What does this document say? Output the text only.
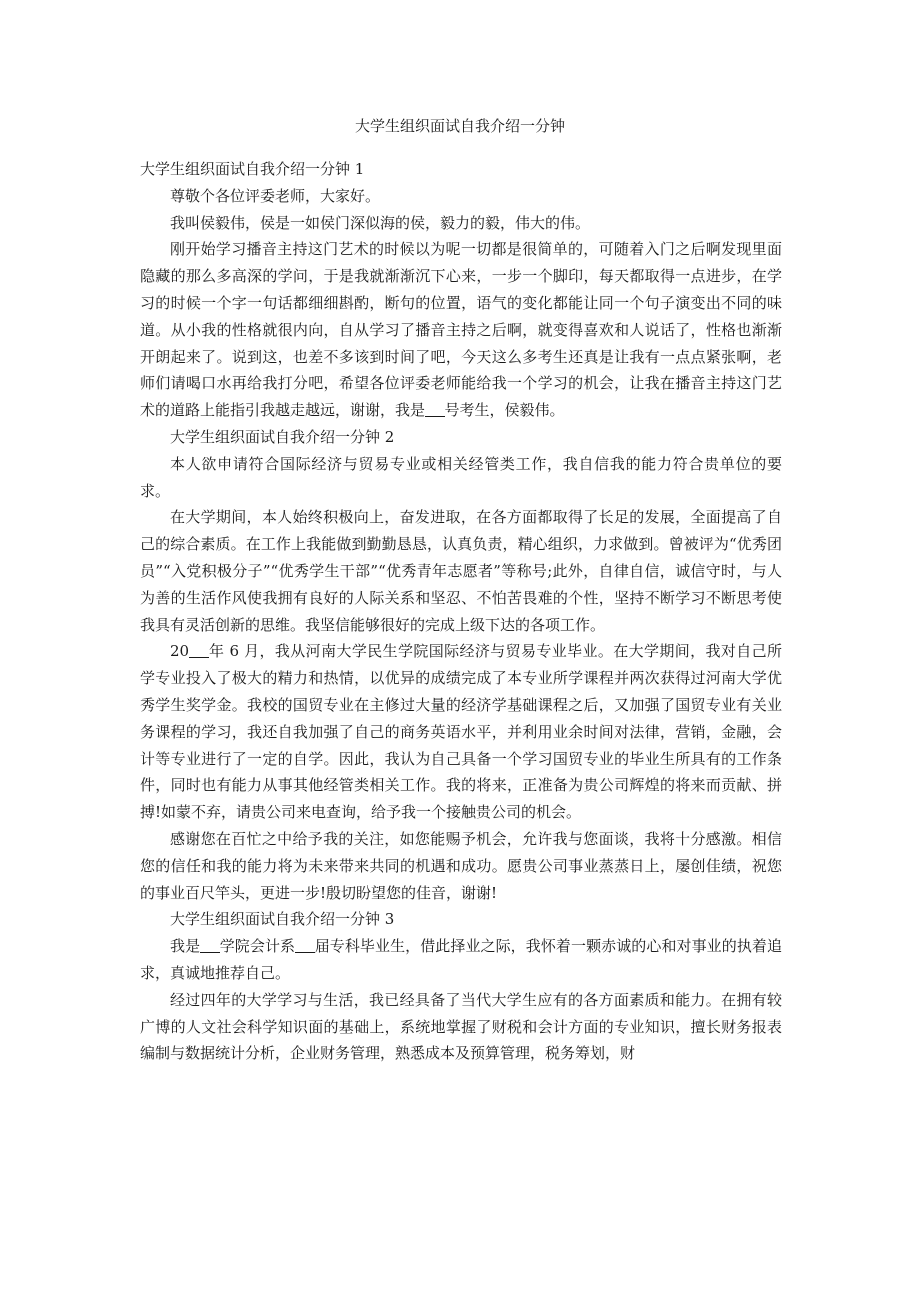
大学生组织面试自我介绍一分钟

大学生组织面试自我介绍一分钟 1

尊敬个各位评委老师，大家好。

我叫侯毅伟，侯是一如侯门深似海的侯，毅力的毅，伟大的伟。

刚开始学习播音主持这门艺术的时候以为呢一切都是很简单的，可随着入门之后啊发现里面隐藏的那么多高深的学问，于是我就渐渐沉下心来，一步一个脚印，每天都取得一点进步，在学习的时候一个字一句话都细细斟酌，断句的位置，语气的变化都能让同一个句子演变出不同的味道。从小我的性格就很内向，自从学习了播音主持之后啊，就变得喜欢和人说话了，性格也渐渐开朗起来了。说到这，也差不多该到时间了吧，今天这么多考生还真是让我有一点点紧张啊，老师们请喝口水再给我打分吧，希望各位评委老师能给我一个学习的机会，让我在播音主持这门艺术的道路上能指引我越走越远，谢谢，我是 号考生，侯毅伟。

大学生组织面试自我介绍一分钟 2

本人欲申请符合国际经济与贸易专业或相关经管类工作，我自信我的能力符合贵单位的要求。

在大学期间，本人始终积极向上，奋发进取，在各方面都取得了长足的发展，全面提高了自己的综合素质。在工作上我能做到勤勤恳恳，认真负责，精心组织，力求做到。曾被评为“优秀团员”“入党积极分子”“优秀学生干部”“优秀青年志愿者”等称号;此外，自律自信，诚信守时，与人为善的生活作风使我拥有良好的人际关系和坚忍、不怕苦畏难的个性，坚持不断学习不断思考使我具有灵活创新的思维。我坚信能够很好的完成上级下达的各项工作。

20 年 6 月，我从河南大学民生学院国际经济与贸易专业毕业。在大学期间，我对自己所学专业投入了极大的精力和热情，以优异的成绩完成了本专业所学课程并两次获得过河南大学优秀学生奖学金。我校的国贸专业在主修过大量的经济学基础课程之后，又加强了国贸专业有关业务课程的学习，我还自我加强了自己的商务英语水平，并利用业余时间对法律，营销，金融，会计等专业进行了一定的自学。因此，我认为自己具备一个学习国贸专业的毕业生所具有的工作条件，同时也有能力从事其他经管类相关工作。我的将来，正准备为贵公司辉煌的将来而贡献、拼搏!如蒙不弃，请贵公司来电查询，给予我一个接触贵公司的机会。

感谢您在百忙之中给予我的关注，如您能赐予机会，允许我与您面谈，我将十分感激。相信您的信任和我的能力将为未来带来共同的机遇和成功。愿贵公司事业蒸蒸日上，屡创佳绩，祝您的事业百尺竿头，更进一步!殷切盼望您的佳音，谢谢!

大学生组织面试自我介绍一分钟 3

我是 学院会计系 届专科毕业生，借此择业之际，我怀着一颗赤诚的心和对事业的执着追求，真诚地推荐自己。

经过四年的大学学习与生活，我已经具备了当代大学生应有的各方面素质和能力。在拥有较广博的人文社会科学知识面的基础上，系统地掌握了财税和会计方面的专业知识，擅长财务报表编制与数据统计分析，企业财务管理，熟悉成本及预算管理，税务筹划，财
